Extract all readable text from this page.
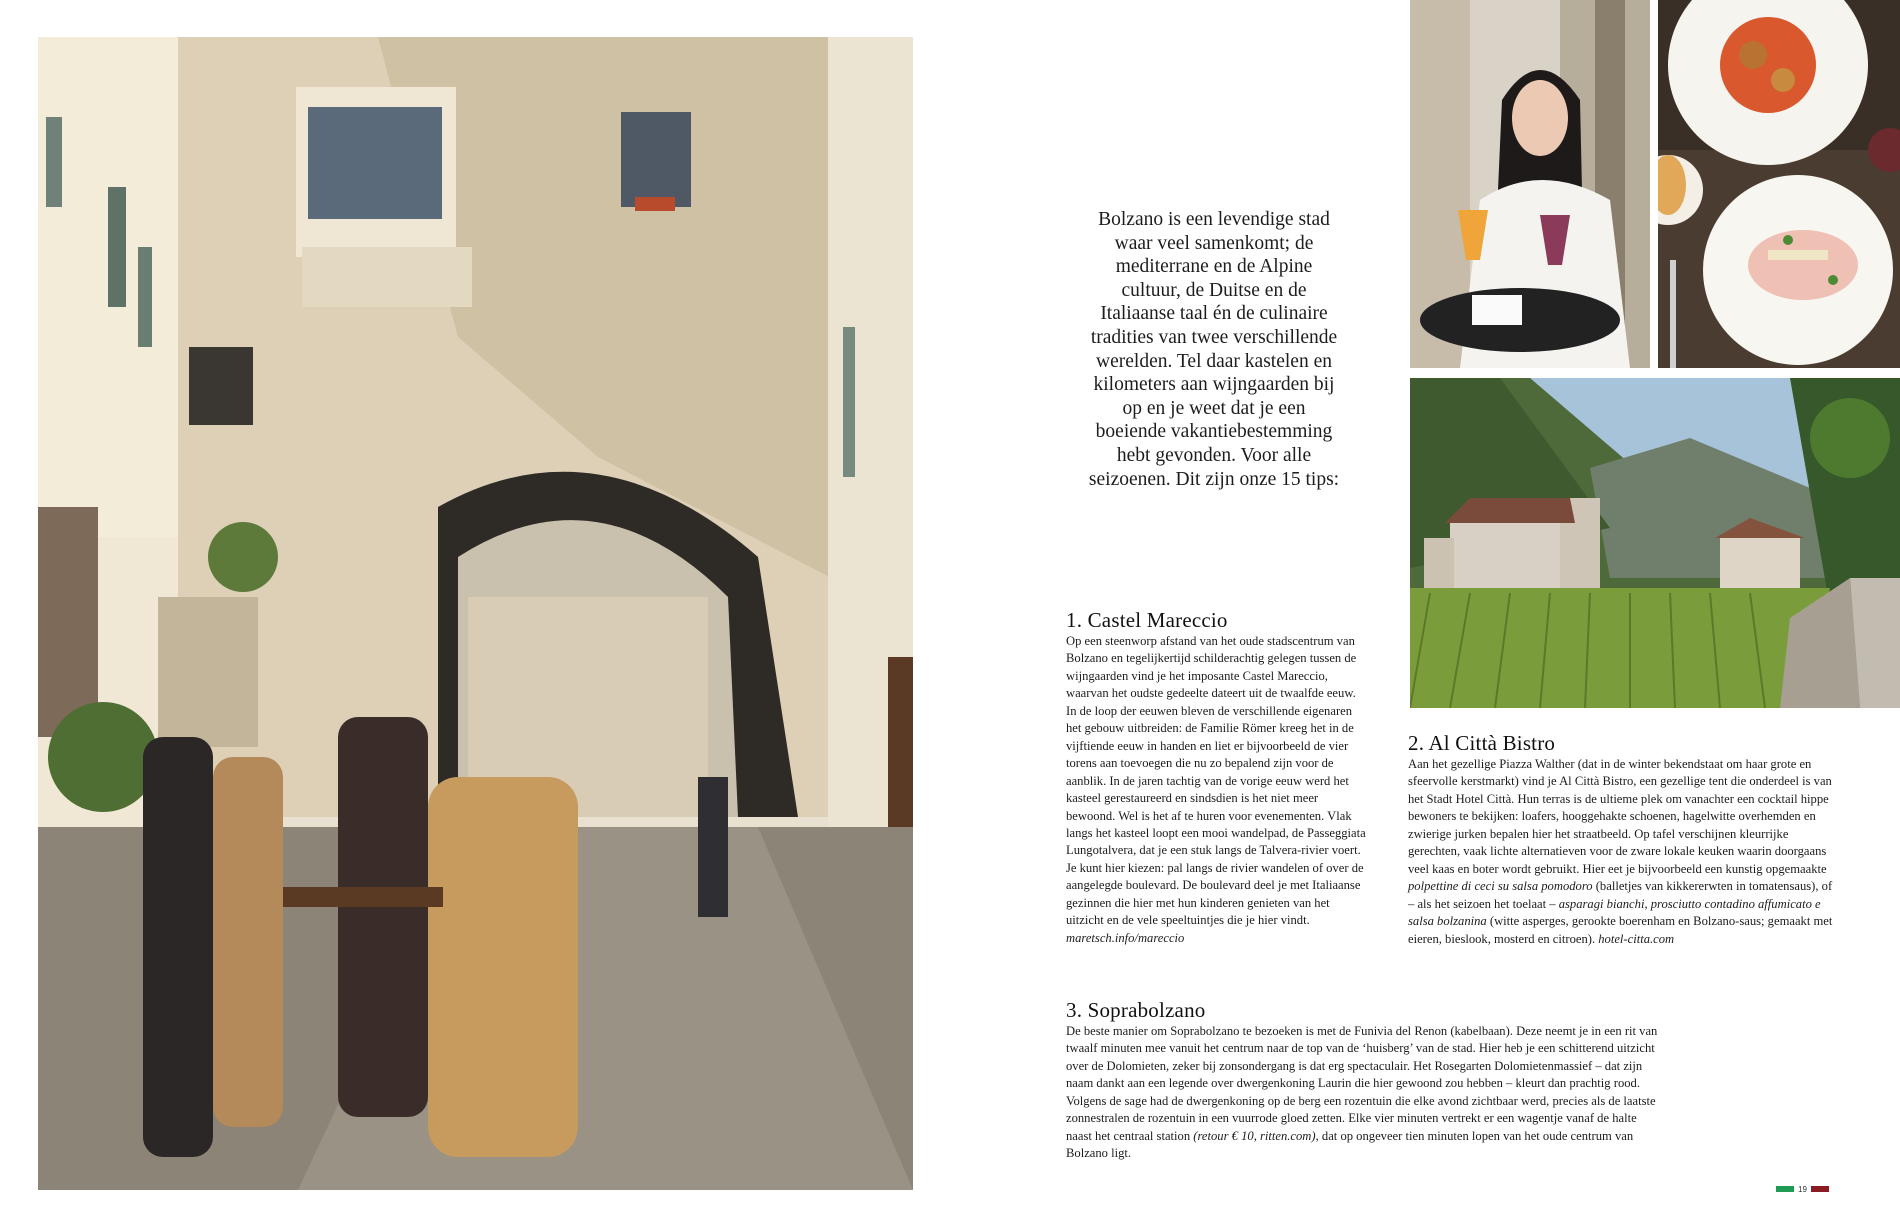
Bolzano is een levendige stad waar veel samenkomt; de mediterrane en de Alpine cultuur, de Duitse en de Italiaanse taal én de culinaire tradities van twee verschillende werelden. Tel daar kastelen en kilometers aan wijngaarden bij op en je weet dat je een boeiende vakantiebestemming hebt gevonden. Voor alle seizoenen. Dit zijn onze 15 tips:
1. Castel Mareccio

Op een steenworp afstand van het oude stadscentrum van Bolzano en tegelijkertijd schilderachtig gelegen tussen de wijngaarden vind je het imposante Castel Mareccio, waarvan het oudste gedeelte dateert uit de twaalfde eeuw. In de loop der eeuwen bleven de verschillende eigenaren het gebouw uitbreiden: de Familie Römer kreeg het in de vijftiende eeuw in handen en liet er bijvoorbeeld de vier torens aan toevoegen die nu zo bepalend zijn voor de aanblik. In de jaren tachtig van de vorige eeuw werd het kasteel gerestaureerd en sindsdien is het niet meer bewoond. Wel is het af te huren voor evenementen. Vlak langs het kasteel loopt een mooi wandelpad, de Passeggiata Lungotalvera, dat je een stuk langs de Talvera-rivier voert. Je kunt hier kiezen: pal langs de rivier wandelen of over de aangelegde boulevard. De boulevard deel je met Italiaanse gezinnen die hier met hun kinderen genieten van het uitzicht en de vele speeltuintjes die je hier vindt. maretsch.info/mareccio

2. Al Città Bistro

Aan het gezellige Piazza Walther (dat in de winter bekendstaat om haar grote en sfeervolle kerstmarkt) vind je Al Città Bistro, een gezellige tent die onderdeel is van het Stadt Hotel Città. Hun terras is de ultieme plek om vanachter een cocktail hippe bewoners te bekijken: loafers, hooggehakte schoenen, hagelwitte overhemden en zwierige jurken bepalen hier het straatbeeld. Op tafel verschijnen kleurrijke gerechten, vaak lichte alternatieven voor de zware lokale keuken waarin doorgaans veel kaas en boter wordt gebruikt. Hier eet je bijvoorbeeld een kunstig opgemaakte polpettine di ceci su salsa pomodoro (balletjes van kikkererwten in tomatensaus), of – als het seizoen het toelaat – asparagi bianchi, prosciutto contadino affumicato e salsa bolzanina (witte asperges, gerookte boerenham en Bolzano-saus; gemaakt met eieren, bieslook, mosterd en citroen). hotel-citta.com

3. Soprabolzano

De beste manier om Soprabolzano te bezoeken is met de Funivia del Renon (kabelbaan). Deze neemt je in een rit van twaalf minuten mee vanuit het centrum naar de top van de ‘huisberg’ van de stad. Hier heb je een schitterend uitzicht over de Dolomieten, zeker bij zonsondergang is dat erg spectaculair. Het Rosegarten Dolomietenmassief – dat zijn naam dankt aan een legende over dwergenkoning Laurin die hier gewoond zou hebben – kleurt dan prachtig rood. Volgens de sage had de dwergenkoning op de berg een rozentuin die elke avond zichtbaar werd, precies als de laatste zonnestralen de rozentuin in een vuurrode gloed zetten. Elke vier minuten vertrekt er een wagentje vanaf de halte naast het centraal station (retour € 10, ritten.com), dat op ongeveer tien minuten lopen van het oude centrum van Bolzano ligt.

19
